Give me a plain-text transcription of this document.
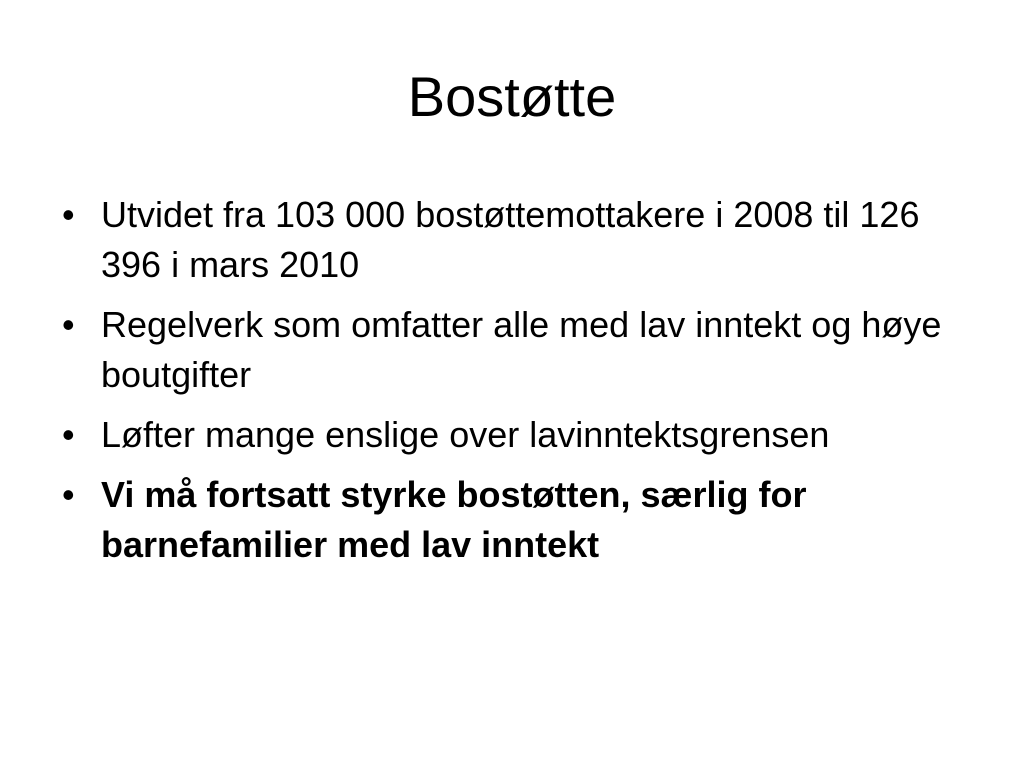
Bostøtte
• Utvidet fra 103 000 bostøttemottakere i 2008 til 126 396 i mars 2010
• Regelverk som omfatter alle med lav inntekt og høye boutgifter
• Løfter mange enslige over lavinntektsgrensen
• Vi må fortsatt styrke bostøtten, særlig for barnefamilier med lav inntekt
